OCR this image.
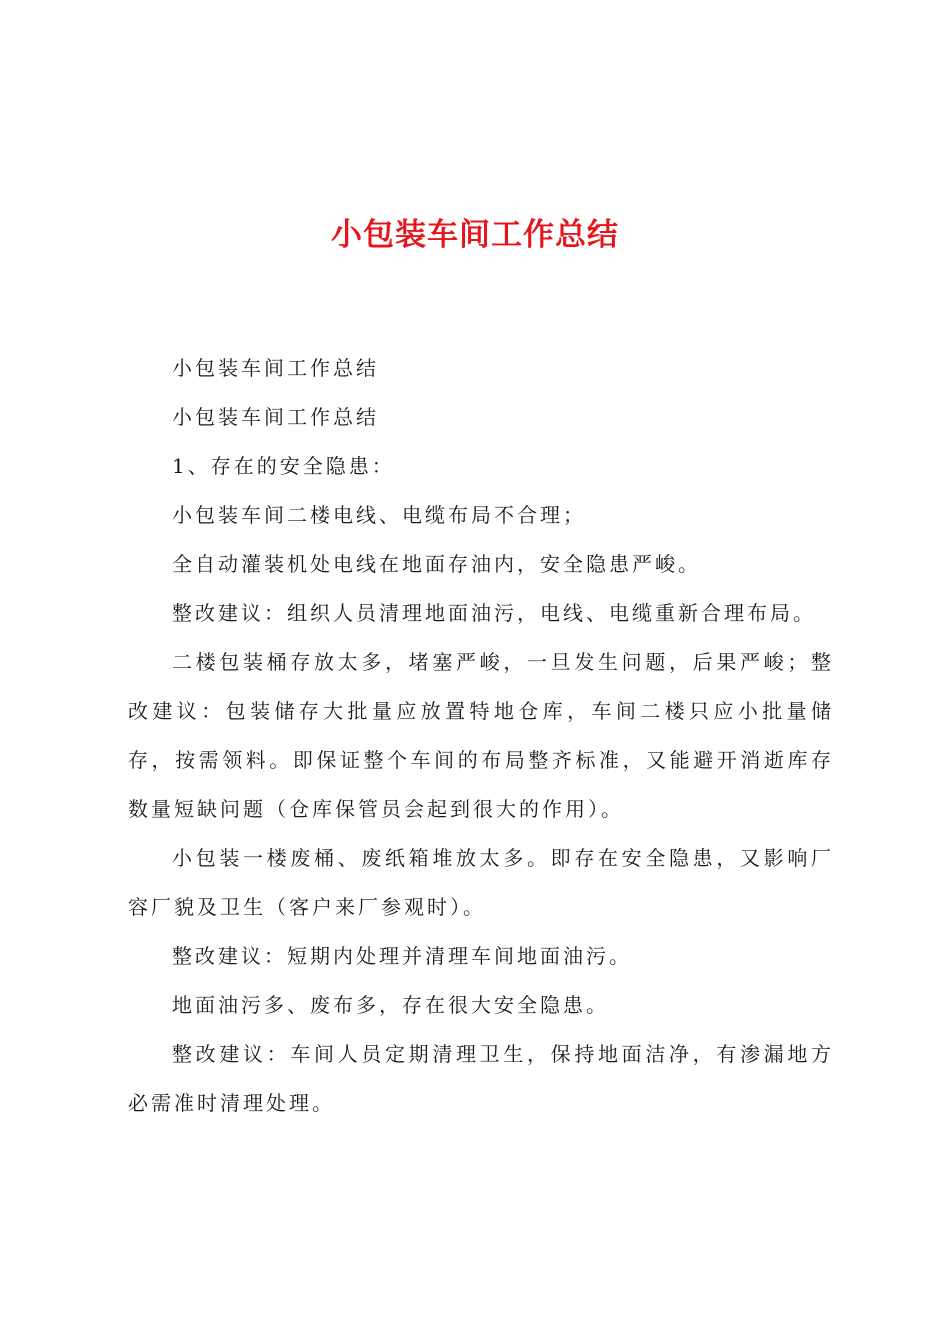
小包装车间工作总结

小包装车间工作总结

小包装车间工作总结

1、存在的安全隐患：

小包装车间二楼电线、电缆布局不合理；

全自动灌装机处电线在地面存油内，安全隐患严峻。

整改建议：组织人员清理地面油污，电线、电缆重新合理布局。

二楼包装桶存放太多，堵塞严峻，一旦发生问题，后果严峻；整改建议：包装储存大批量应放置特地仓库，车间二楼只应小批量储存，按需领料。即保证整个车间的布局整齐标准，又能避开消逝库存数量短缺问题（仓库保管员会起到很大的作用）。

小包装一楼废桶、废纸箱堆放太多。即存在安全隐患，又影响厂容厂貌及卫生（客户来厂参观时）。

整改建议：短期内处理并清理车间地面油污。

地面油污多、废布多，存在很大安全隐患。

整改建议：车间人员定期清理卫生，保持地面洁净，有渗漏地方必需准时清理处理。
